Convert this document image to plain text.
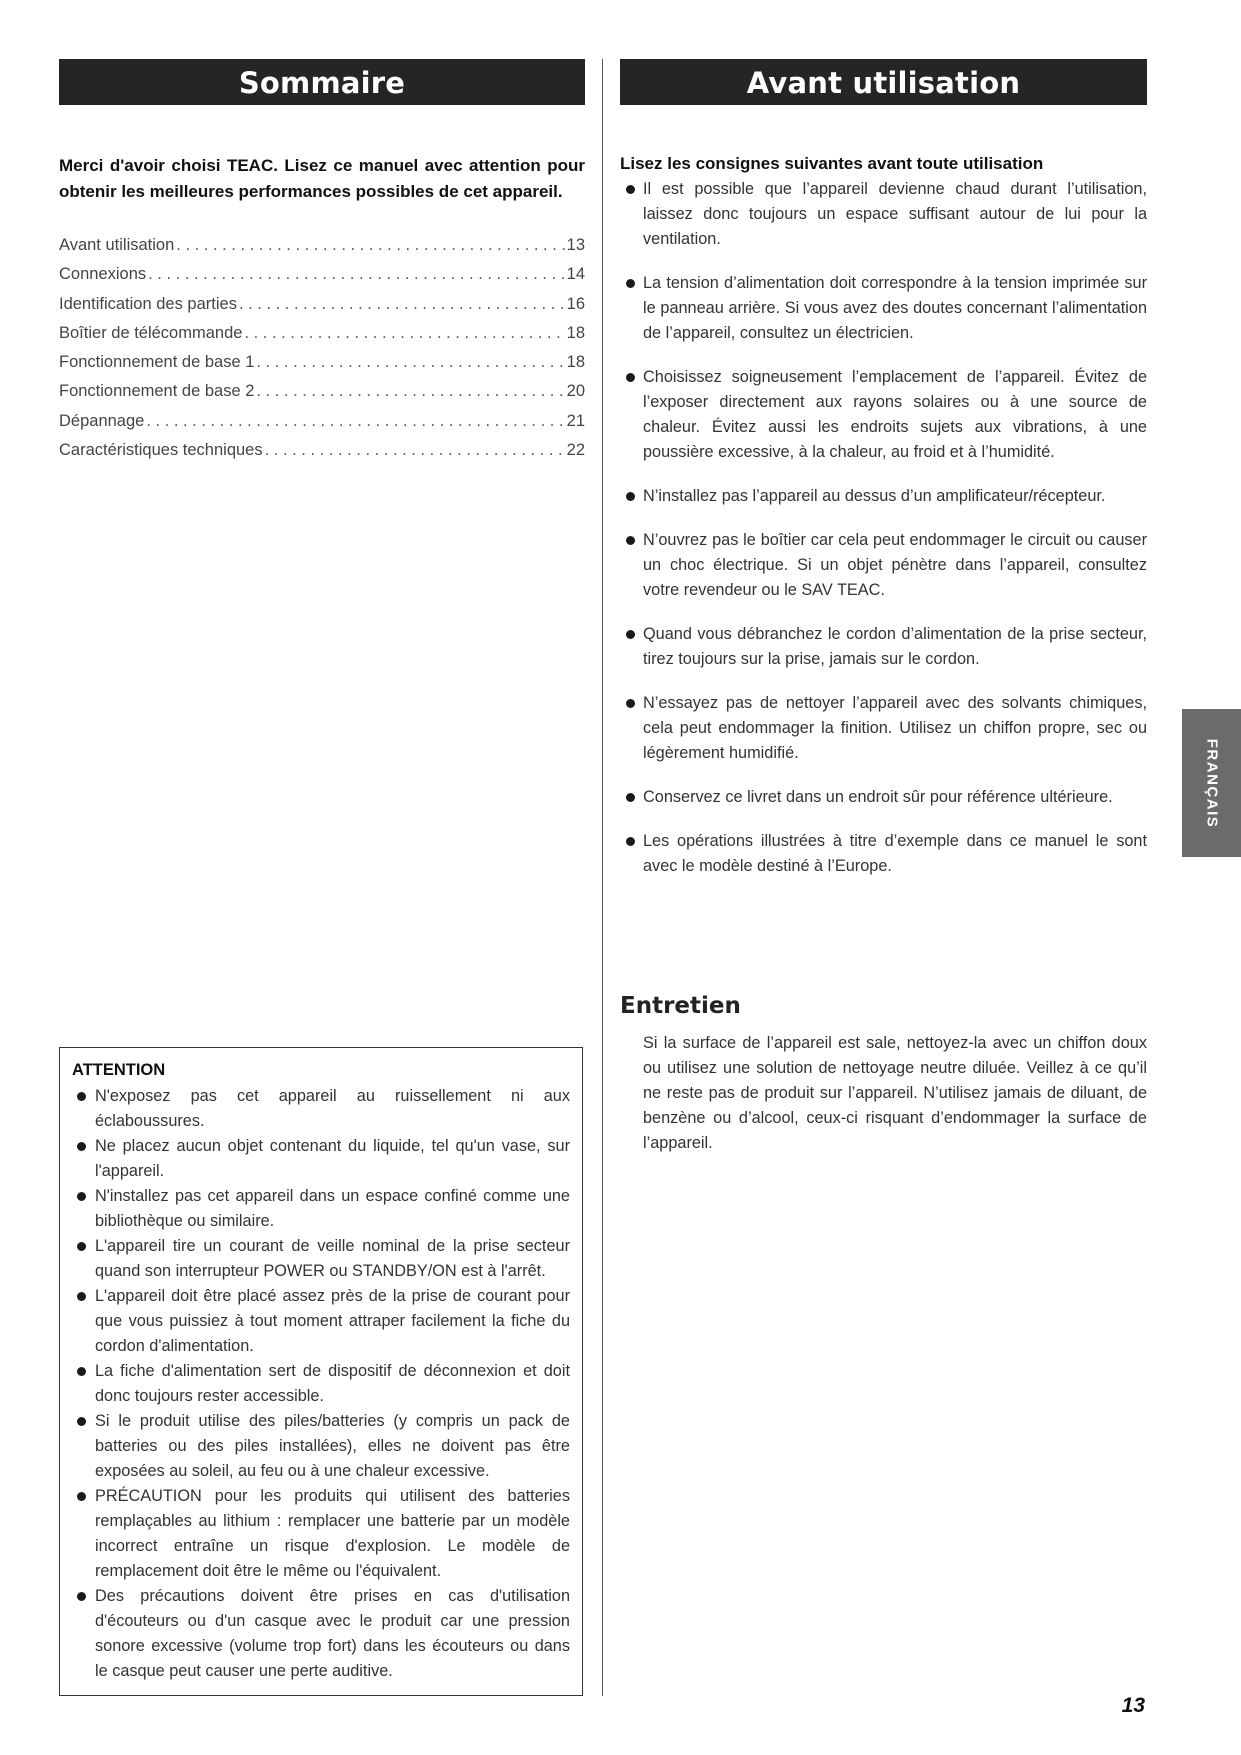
Sommaire
Merci d'avoir choisi TEAC. Lisez ce manuel avec attention pour obtenir les meilleures performances possibles de cet appareil.
Avant utilisation . . .	13
Connexions . . .	14
Identification des parties . . .	16
Boîtier de télécommande . . .	18
Fonctionnement de base 1 . . .	18
Fonctionnement de base 2 . . .	20
Dépannage . . .	21
Caractéristiques techniques . . .	22
ATTENTION
N'exposez pas cet appareil au ruissellement ni aux éclaboussures.
Ne placez aucun objet contenant du liquide, tel qu'un vase, sur l'appareil.
N'installez pas cet appareil dans un espace confiné comme une bibliothèque ou similaire.
L'appareil tire un courant de veille nominal de la prise secteur quand son interrupteur POWER ou STANDBY/ON est à l'arrêt.
L'appareil doit être placé assez près de la prise de courant pour que vous puissiez à tout moment attraper facilement la fiche du cordon d'alimentation.
La fiche d'alimentation sert de dispositif de déconnexion et doit donc toujours rester accessible.
Si le produit utilise des piles/batteries (y compris un pack de batteries ou des piles installées), elles ne doivent pas être exposées au soleil, au feu ou à une chaleur excessive.
PRÉCAUTION pour les produits qui utilisent des batteries remplaçables au lithium : remplacer une batterie par un modèle incorrect entraîne un risque d'explosion. Le modèle de remplacement doit être le même ou l'équivalent.
Des précautions doivent être prises en cas d'utilisation d'écouteurs ou d'un casque avec le produit car une pression sonore excessive (volume trop fort) dans les écouteurs ou dans le casque peut causer une perte auditive.
Avant utilisation
Lisez les consignes suivantes avant toute utilisation
Il est possible que l’appareil devienne chaud durant l’utilisation, laissez donc toujours un espace suffisant autour de lui pour la ventilation.
La tension d’alimentation doit correspondre à la tension imprimée sur le panneau arrière. Si vous avez des doutes concernant l’alimentation de l’appareil, consultez un électricien.
Choisissez soigneusement l’emplacement de l’appareil. Évitez de l’exposer directement aux rayons solaires ou à une source de chaleur. Évitez aussi les endroits sujets aux vibrations, à une poussière excessive, à la chaleur, au froid et à l’humidité.
N’installez pas l’appareil au dessus d’un amplificateur/récepteur.
N’ouvrez pas le boîtier car cela peut endommager le circuit ou causer un choc électrique. Si un objet pénètre dans l’appareil, consultez votre revendeur ou le SAV TEAC.
Quand vous débranchez le cordon d’alimentation de la prise secteur, tirez toujours sur la prise, jamais sur le cordon.
N’essayez pas de nettoyer l’appareil avec des solvants chimiques, cela peut endommager la finition. Utilisez un chiffon propre, sec ou légèrement humidifié.
Conservez ce livret dans un endroit sûr pour référence ultérieure.
Les opérations illustrées à titre d’exemple dans ce manuel le sont avec le modèle destiné à l’Europe.
Entretien
Si la surface de l’appareil est sale, nettoyez-la avec un chiffon doux ou utilisez une solution de nettoyage neutre diluée. Veillez à ce qu’il ne reste pas de produit sur l’appareil. N’utilisez jamais de diluant, de benzène ou d’alcool, ceux-ci risquant d’endommager la surface de l’appareil.
FRANÇAIS
13
